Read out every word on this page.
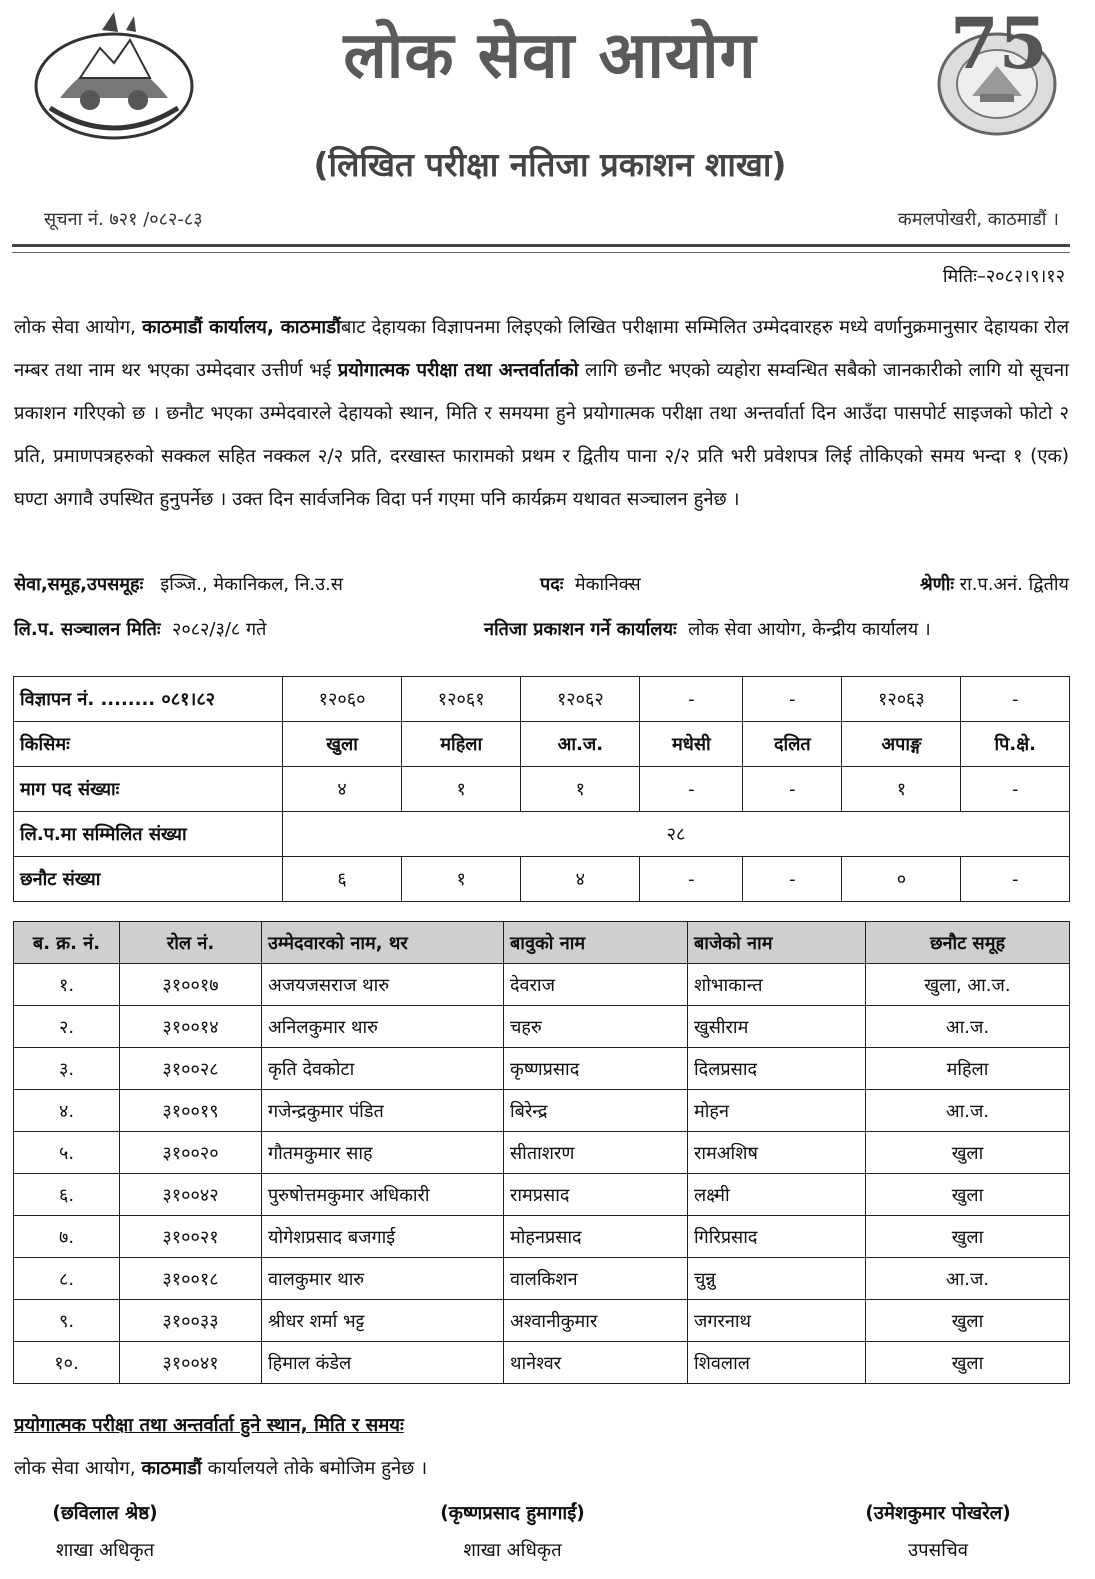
लोक सेवा आयोग
(लिखित परीक्षा नतिजा प्रकाशन शाखा)
75
सूचना नं. ७२१ /०८२-८३	कमलपोखरी, काठमाडौं ।
मितिः–२०८२।९।१२
लोक सेवा आयोग, काठमाडौं कार्यालय, काठमाडौंबाट देहायका विज्ञापनमा लिइएको लिखित परीक्षामा सम्मिलित उम्मेदवारहरु मध्ये वर्णानुक्रमानुसार देहायका रोल नम्बर तथा नाम थर भएका उम्मेदवार उत्तीर्ण भई प्रयोगात्मक परीक्षा तथा अन्तर्वार्ताको लागि छनौट भएको व्यहोरा सम्वन्धित सबैको जानकारीको लागि यो सूचना प्रकाशन गरिएको छ । छनौट भएका उम्मेदवारले देहायको स्थान, मिति र समयमा हुने प्रयोगात्मक परीक्षा तथा अन्तर्वार्ता दिन आउँदा पासपोर्ट साइजको फोटो २ प्रति, प्रमाणपत्रहरुको सक्कल सहित नक्कल २/२ प्रति, दरखास्त फारामको प्रथम र द्वितीय पाना २/२ प्रति भरी प्रवेशपत्र लिई तोकिएको समय भन्दा १ (एक) घण्टा अगावै उपस्थित हुनुपर्नेछ । उक्त दिन सार्वजनिक विदा पर्न गएमा पनि कार्यक्रम यथावत सञ्चालन हुनेछ ।
सेवा,समूह,उपसमूहः इञ्जि., मेकानिकल, नि.उ.स	पदः मेकानिक्स	श्रेणीः रा.प.अनं. द्वितीय
लि.प. सञ्चालन मितिः २०८२/३/८ गते	नतिजा प्रकाशन गर्ने कार्यालयः लोक सेवा आयोग, केन्द्रीय कार्यालय ।
विज्ञापन नं. ........ ०८१।८२	१२०६०	१२०६१	१२०६२	-	-	१२०६३	-
किसिमः	खुला	महिला	आ.ज.	मधेसी	दलित	अपाङ्ग	पि.क्षे.
माग पद संख्याः	४	१	१	-	-	१	-
लि.प.मा सम्मिलित संख्या	२८						
छनौट संख्या	६	१	४	-	-	०	-
ब. क्र. नं.	रोल नं.	उम्मेदवारको नाम, थर	बावुको नाम	बाजेको नाम	छनौट समूह
१.	३१००१७	अजयजसराज थारु	देवराज	शोभाकान्त	खुला, आ.ज.
२.	३१००१४	अनिलकुमार थारु	चहरु	खुसीराम	आ.ज.
३.	३१००२८	कृति देवकोटा	कृष्णप्रसाद	दिलप्रसाद	महिला
४.	३१००१९	गजेन्द्रकुमार पंडित	बिरेन्द्र	मोहन	आ.ज.
५.	३१००२०	गौतमकुमार साह	सीताशरण	रामअशिष	खुला
६.	३१००४२	पुरुषोत्तमकुमार अधिकारी	रामप्रसाद	लक्ष्मी	खुला
७.	३१००२१	योगेशप्रसाद बजगाई	मोहनप्रसाद	गिरिप्रसाद	खुला
८.	३१००१८	वालकुमार थारु	वालकिशन	चुन्नु	आ.ज.
९.	३१००३३	श्रीधर शर्मा भट्ट	अश्वानीकुमार	जगरनाथ	खुला
१०.	३१००४१	हिमाल कंडेल	थानेश्वर	शिवलाल	खुला
प्रयोगात्मक परीक्षा तथा अन्तर्वार्ता हुने स्थान, मिति र समयः
लोक सेवा आयोग, काठमाडौं कार्यालयले तोके बमोजिम हुनेछ ।
(छविलाल श्रेष्ठ)
शाखा अधिकृत
(कृष्णप्रसाद हुमागाईं)
शाखा अधिकृत
(उमेशकुमार पोखरेल)
उपसचिव
